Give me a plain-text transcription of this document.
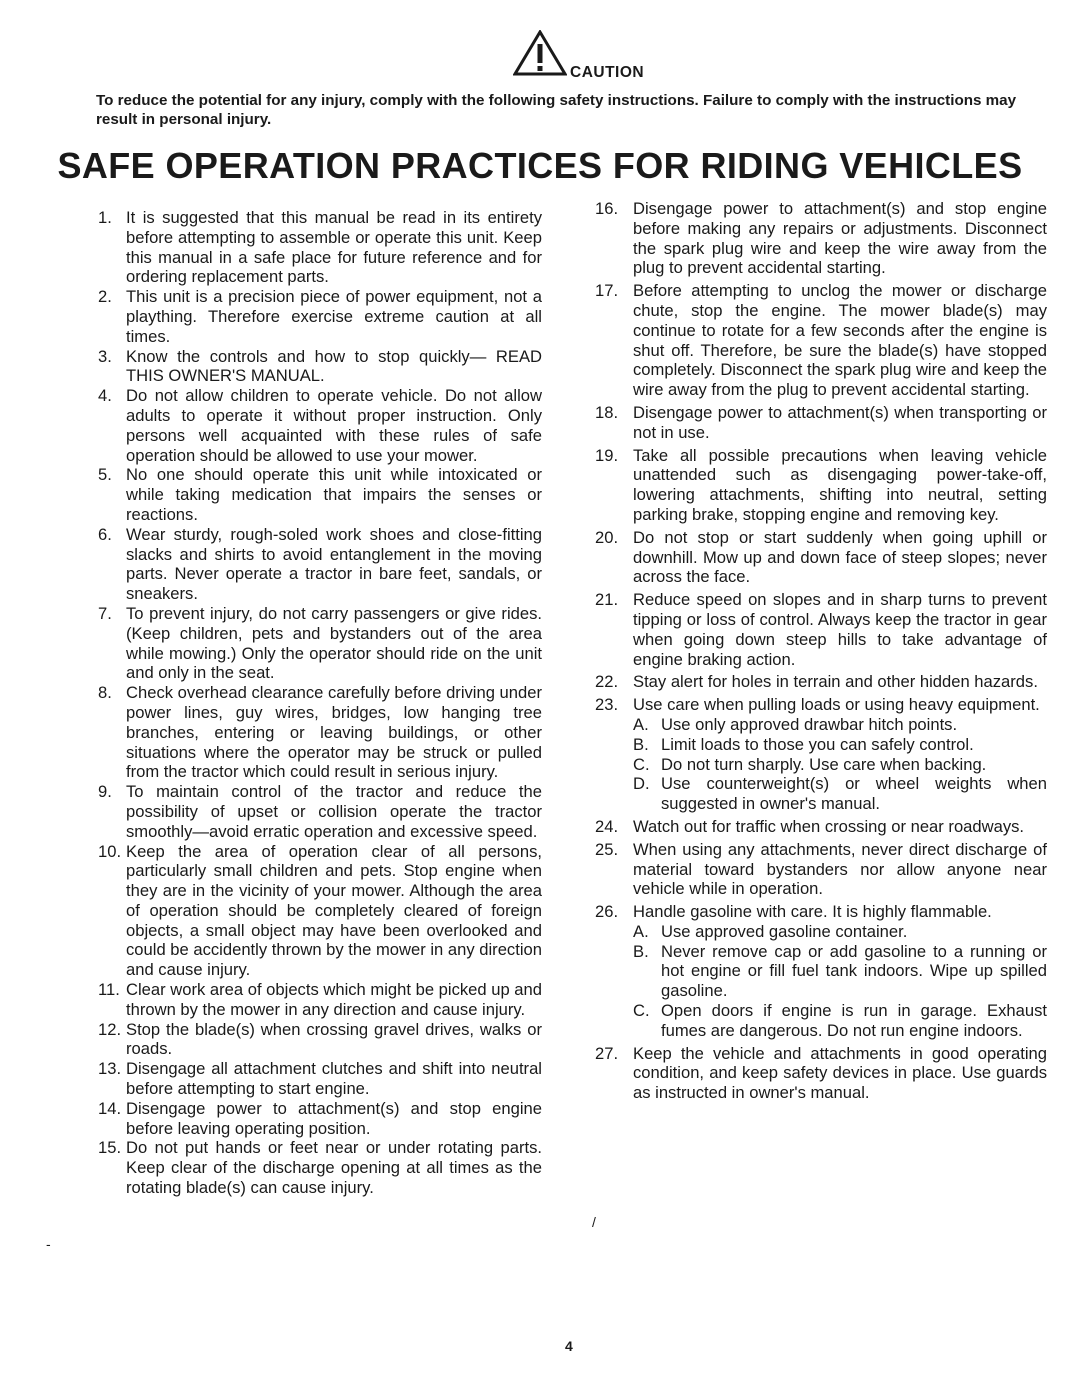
CAUTION
To reduce the potential for any injury, comply with the following safety instructions. Failure to comply with the instructions may result in personal injury.
SAFE OPERATION PRACTICES FOR RIDING VEHICLES
1. It is suggested that this manual be read in its entirety before attempting to assemble or operate this unit. Keep this manual in a safe place for future reference and for ordering replacement parts.
2. This unit is a precision piece of power equipment, not a plaything. Therefore exercise extreme caution at all times.
3. Know the controls and how to stop quickly— READ THIS OWNER'S MANUAL.
4. Do not allow children to operate vehicle. Do not allow adults to operate it without proper instruction. Only persons well acquainted with these rules of safe operation should be allowed to use your mower.
5. No one should operate this unit while intoxicated or while taking medication that impairs the senses or reactions.
6. Wear sturdy, rough-soled work shoes and close-fitting slacks and shirts to avoid entanglement in the moving parts. Never operate a tractor in bare feet, sandals, or sneakers.
7. To prevent injury, do not carry passengers or give rides. (Keep children, pets and bystanders out of the area while mowing.) Only the operator should ride on the unit and only in the seat.
8. Check overhead clearance carefully before driving under power lines, guy wires, bridges, low hanging tree branches, entering or leaving buildings, or other situations where the operator may be struck or pulled from the tractor which could result in serious injury.
9. To maintain control of the tractor and reduce the possibility of upset or collision operate the tractor smoothly—avoid erratic operation and excessive speed.
10. Keep the area of operation clear of all persons, particularly small children and pets. Stop engine when they are in the vicinity of your mower. Although the area of operation should be completely cleared of foreign objects, a small object may have been overlooked and could be accidently thrown by the mower in any direction and cause injury.
11. Clear work area of objects which might be picked up and thrown by the mower in any direction and cause injury.
12. Stop the blade(s) when crossing gravel drives, walks or roads.
13. Disengage all attachment clutches and shift into neutral before attempting to start engine.
14. Disengage power to attachment(s) and stop engine before leaving operating position.
15. Do not put hands or feet near or under rotating parts. Keep clear of the discharge opening at all times as the rotating blade(s) can cause injury.
16. Disengage power to attachment(s) and stop engine before making any repairs or adjustments. Disconnect the spark plug wire and keep the wire away from the plug to prevent accidental starting.
17. Before attempting to unclog the mower or discharge chute, stop the engine. The mower blade(s) may continue to rotate for a few seconds after the engine is shut off. Therefore, be sure the blade(s) have stopped completely. Disconnect the spark plug wire and keep the wire away from the plug to prevent accidental starting.
18. Disengage power to attachment(s) when transporting or not in use.
19. Take all possible precautions when leaving vehicle unattended such as disengaging power-take-off, lowering attachments, shifting into neutral, setting parking brake, stopping engine and removing key.
20. Do not stop or start suddenly when going uphill or downhill. Mow up and down face of steep slopes; never across the face.
21. Reduce speed on slopes and in sharp turns to prevent tipping or loss of control. Always keep the tractor in gear when going down steep hills to take advantage of engine braking action.
22. Stay alert for holes in terrain and other hidden hazards.
23. Use care when pulling loads or using heavy equipment.
A. Use only approved drawbar hitch points.
B. Limit loads to those you can safely control.
C. Do not turn sharply. Use care when backing.
D. Use counterweight(s) or wheel weights when suggested in owner's manual.
24. Watch out for traffic when crossing or near roadways.
25. When using any attachments, never direct discharge of material toward bystanders nor allow anyone near vehicle while in operation.
26. Handle gasoline with care. It is highly flammable.
A. Use approved gasoline container.
B. Never remove cap or add gasoline to a running or hot engine or fill fuel tank indoors. Wipe up spilled gasoline.
C. Open doors if engine is run in garage. Exhaust fumes are dangerous. Do not run engine indoors.
27. Keep the vehicle and attachments in good operating condition, and keep safety devices in place. Use guards as instructed in owner's manual.
/
-
4
